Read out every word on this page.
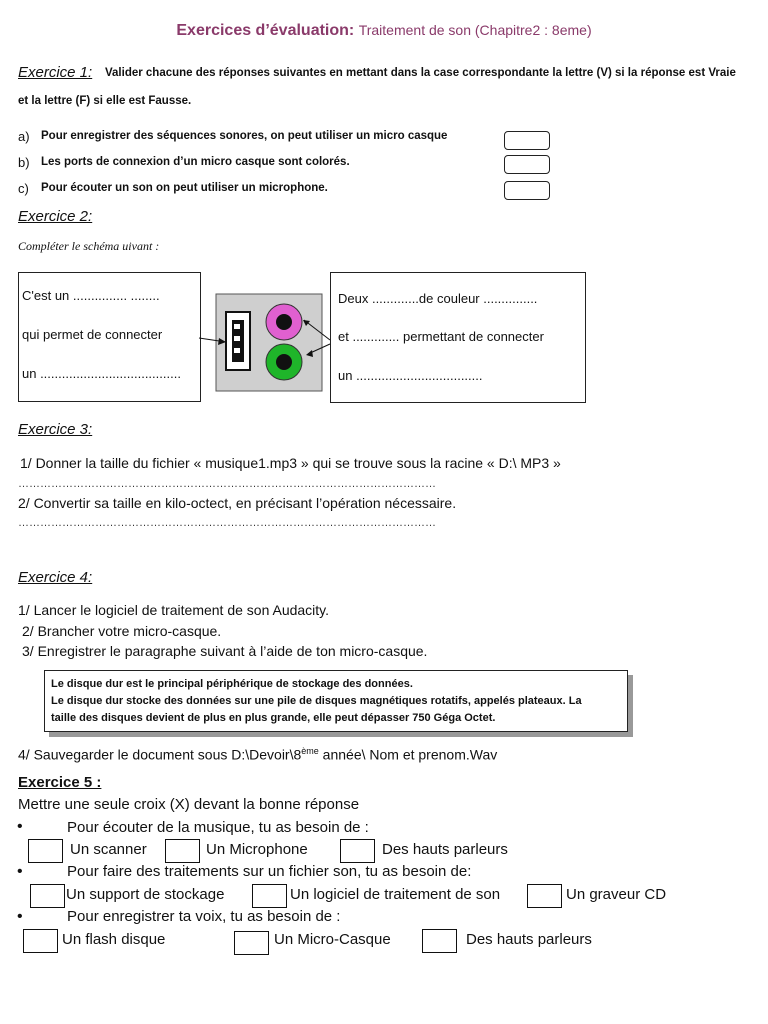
Exercices d’évaluation: Traitement de son (Chapitre2 : 8eme)
Exercice 1: Valider chacune des réponses suivantes en mettant dans la case correspondante la lettre (V) si la réponse est Vraie
et la lettre (F) si elle est Fausse.
a) Pour enregistrer des séquences sonores, on peut utiliser un micro casque
b) Les ports de connexion d’un micro casque sont colorés.
c) Pour écouter un son on peut utiliser un microphone.
Exercice 2:
Compléter le schéma uivant :
C'est un ............... ........
qui permet de connecter
un .......................................
Deux .............de couleur ...............
et ............. permettant de connecter
un ...................................
Exercice 3:
1/ Donner la taille du fichier « musique1.mp3 » qui se trouve sous la racine « D:\ MP3 »
……………………………………………………………………………………………………
2/ Convertir sa taille en kilo-octect, en précisant l’opération nécessaire.
……………………………………………………………………………………………………
Exercice 4:
1/ Lancer le logiciel de traitement de son Audacity.
2/ Brancher votre micro-casque.
3/ Enregistrer le paragraphe suivant à l’aide de ton micro-casque.
Le disque dur est le principal périphérique de stockage des données.
Le disque dur stocke des données sur une pile de disques magnétiques rotatifs, appelés plateaux. La
taille des disques devient de plus en plus grande, elle peut dépasser 750 Géga Octet.
4/ Sauvegarder le document sous D:\Devoir\8ème année\ Nom et prenom.Wav
Exercice 5 :
Mettre une seule croix (X) devant la bonne réponse
•	Pour écouter de la musique, tu as besoin de :
Un scanner	Un Microphone	Des hauts parleurs
•	Pour faire des traitements sur un fichier son, tu as besoin de:
Un support de stockage	Un logiciel de traitement de son	Un graveur CD
•	Pour enregistrer ta voix, tu as besoin de :
Un flash disque	Un Micro-Casque	Des hauts parleurs
